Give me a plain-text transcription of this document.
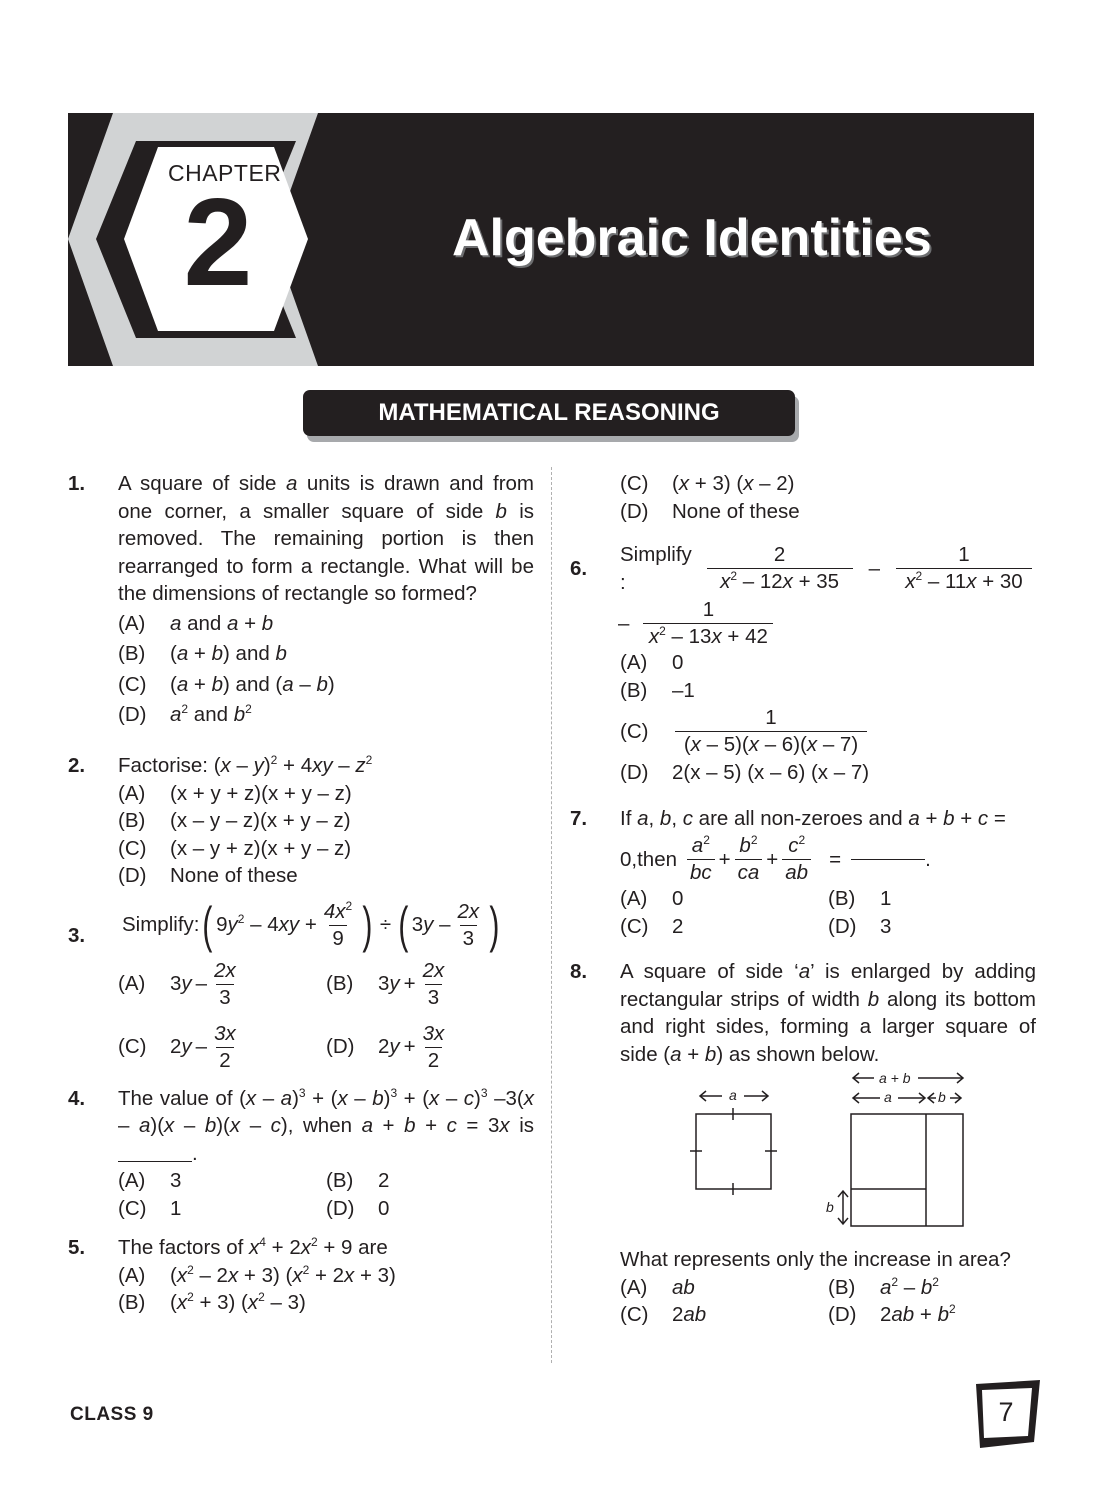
CHAPTER
2	Algebraic Identities
MATHEMATICAL REASONING
1. A square of side a units is drawn and from one corner, a smaller square of side b is removed. The remaining portion is then rearranged to form a rectangle. What will be the dimensions of rectangle so formed?
(A)	a and a + b
(B)	(a + b) and b
(C)	(a + b) and (a – b)
(D)	$a^2$ and $b^2$
2. Factorise: $(x - y)^2 + 4xy - z^2$
(A)	(x + y + z)(x + y – z)
(B)	(x – y – z)(x + y – z)
(C)	(x – y + z)(x + y – z)
(D)	None of these
3. Simplify: ( $9y^2 - 4xy + \frac{4x^2}{9}$ ) ÷ ( 3y –
2x
3 )
(A)	3 y –
2x
3
(B)	3 $y + \frac{2x}{3}$
(C)	2 y –
3x
2
(D)	2 $y + \frac{3x}{2}$
4. The value of (x – a)$^3$ + (x – b)$^3$ + (x – c)$^3$ –3(x – a)(x – b)(x – c), when a + b + c = 3x is .
(A)	3	(B)	2
(C)	1	(D)	0
5. The factors of $x^4 + 2x^2 + 9$ are
(A)	$(x^2 - 2x + 3) (x^2 + 2x + 3)$
(B)	$(x^2 + 3)$ $(x^2 - 3)$
(C)	(x + 3) (x – 2)
(D)	None of these
6.
Simplify :
2
$x^2 - 12x + 35$
–
1
$x^2 - 11x + 30$
–
1
$x^2 - 13x + 42$
(A)	0
(B)	–1
(C)
1
(x – 5)(x – 6)(x – 7)
(D)	2(x – 5) (x – 6) (x – 7)
7. If a, b, c are all non-zeroes and a + b + c =
0,then
$a^2$
bc
+ $\frac{b^2}{ca} + \frac{c^2}{ab}$ =	.
(A)	0	(B)	1
(C)	2	(D)	3
8. A square of side ‘a’ is enlarged by adding rectangular strips of width b along its bottom and right sides, forming a larger square of side (a + b) as shown below.
a
a + b
a	b
b
What represents only the increase in area?
(A)	ab	(B)	$a^2 - b^2$
(C)	2ab	(D)	$2ab + b^2$
CLASS 9	7
